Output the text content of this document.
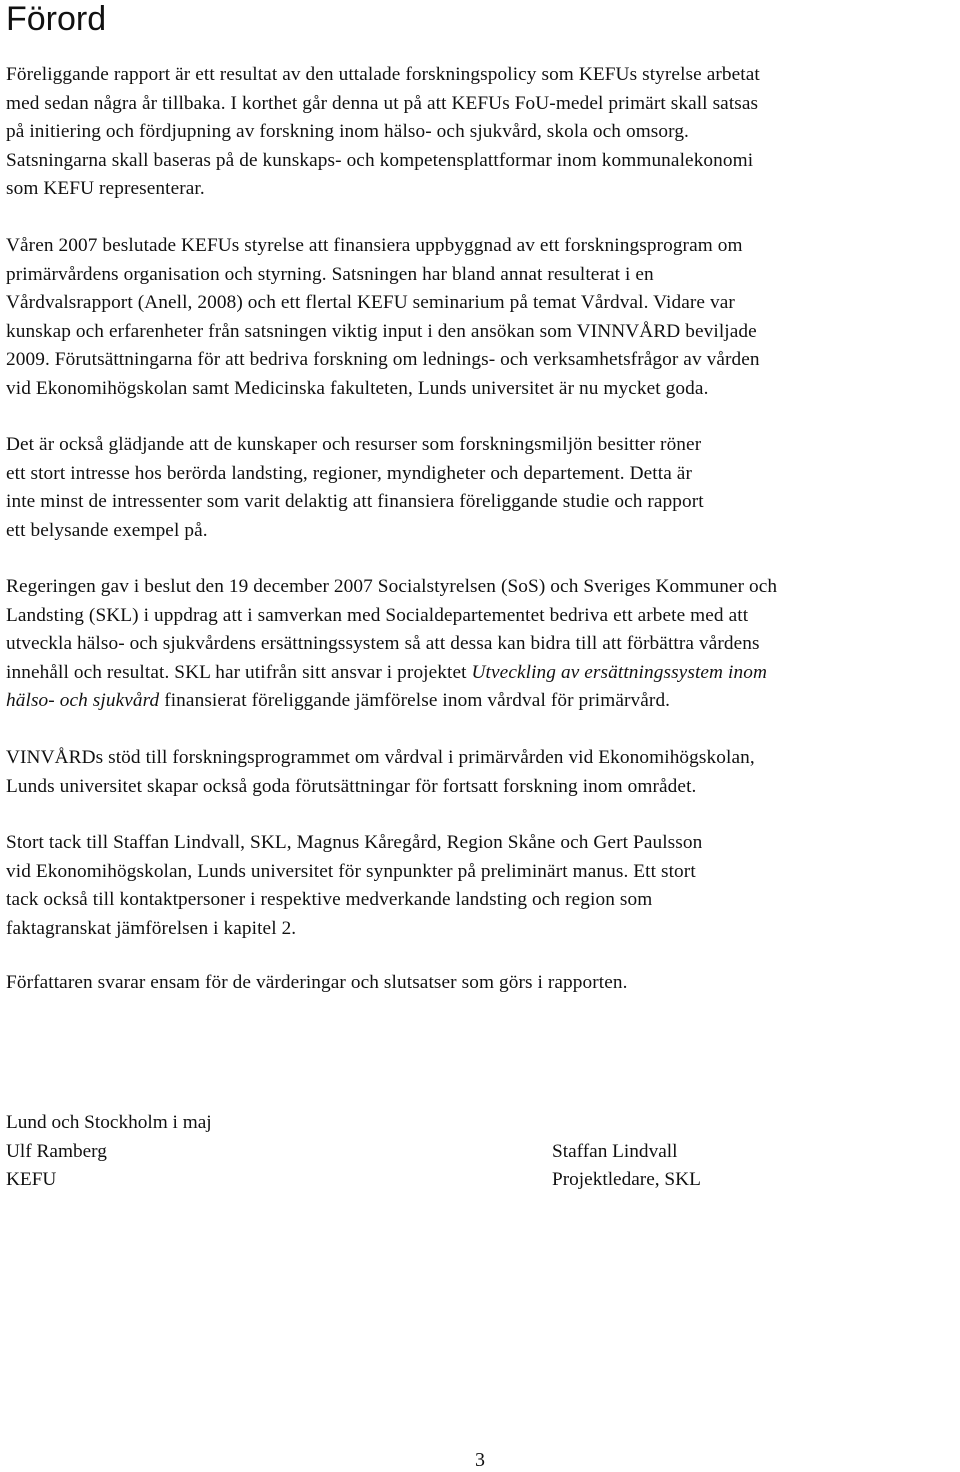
Förord
Föreliggande rapport är ett resultat av den uttalade forskningspolicy som KEFUs styrelse arbetat
med sedan några år tillbaka. I korthet går denna ut på att KEFUs FoU-medel primärt skall satsas
på initiering och fördjupning av forskning inom hälso- och sjukvård, skola och omsorg.
Satsningarna skall baseras på de kunskaps- och kompetensplattformar inom kommunalekonomi
som KEFU representerar.
Våren 2007 beslutade KEFUs styrelse att finansiera uppbyggnad av ett forskningsprogram om
primärvårdens organisation och styrning. Satsningen har bland annat resulterat i en
Vårdvalsrapport (Anell, 2008) och ett flertal KEFU seminarium på temat Vårdval. Vidare var
kunskap och erfarenheter från satsningen viktig input i den ansökan som VINNVÅRD beviljade
2009. Förutsättningarna för att bedriva forskning om lednings- och verksamhetsfrågor av vården
vid Ekonomihögskolan samt Medicinska fakulteten, Lunds universitet är nu mycket goda.
Det är också glädjande att de kunskaper och resurser som forskningsmiljön besitter röner
ett stort intresse hos berörda landsting, regioner, myndigheter och departement. Detta är
inte minst de intressenter som varit delaktig att finansiera föreliggande studie och rapport
ett belysande exempel på.
Regeringen gav i beslut den 19 december 2007 Socialstyrelsen (SoS) och Sveriges Kommuner och
Landsting (SKL) i uppdrag att i samverkan med Socialdepartementet bedriva ett arbete med att
utveckla hälso- och sjukvårdens ersättningssystem så att dessa kan bidra till att förbättra vårdens
innehåll och resultat. SKL har utifrån sitt ansvar i projektet Utveckling av ersättningssystem inom
hälso- och sjukvård finansierat föreliggande jämförelse inom vårdval för primärvård.
VINVÅRDs stöd till forskningsprogrammet om vårdval i primärvården vid Ekonomihögskolan,
Lunds universitet skapar också goda förutsättningar för fortsatt forskning inom området.
Stort tack till Staffan Lindvall, SKL, Magnus Kåregård, Region Skåne och Gert Paulsson
vid Ekonomihögskolan, Lunds universitet för synpunkter på preliminärt manus. Ett stort
tack också till kontaktpersoner i respektive medverkande landsting och region som
faktagranskat jämförelsen i kapitel 2.
Författaren svarar ensam för de värderingar och slutsatser som görs i rapporten.
Lund och Stockholm i maj
Ulf Ramberg
KEFU
Staffan Lindvall
Projektledare, SKL
3
